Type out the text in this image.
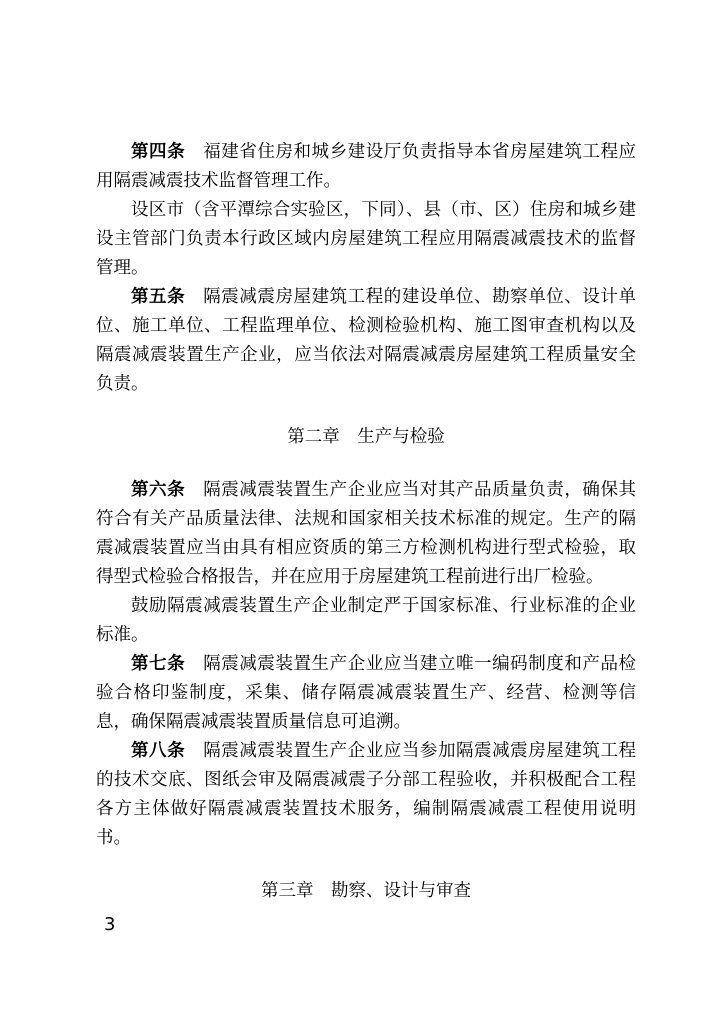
第四条 福建省住房和城乡建设厅负责指导本省房屋建筑工程应用隔震减震技术监督管理工作。

设区市（含平潭综合实验区，下同）、县（市、区）住房和城乡建设主管部门负责本行政区域内房屋建筑工程应用隔震减震技术的监督管理。

第五条 隔震减震房屋建筑工程的建设单位、勘察单位、设计单位、施工单位、工程监理单位、检测检验机构、施工图审查机构以及隔震减震装置生产企业，应当依法对隔震减震房屋建筑工程质量安全负责。

第二章 生产与检验

第六条 隔震减震装置生产企业应当对其产品质量负责，确保其符合有关产品质量法律、法规和国家相关技术标准的规定。生产的隔震减震装置应当由具有相应资质的第三方检测机构进行型式检验，取得型式检验合格报告，并在应用于房屋建筑工程前进行出厂检验。

鼓励隔震减震装置生产企业制定严于国家标准、行业标准的企业标准。

第七条 隔震减震装置生产企业应当建立唯一编码制度和产品检验合格印鉴制度，采集、储存隔震减震装置生产、经营、检测等信息，确保隔震减震装置质量信息可追溯。

第八条 隔震减震装置生产企业应当参加隔震减震房屋建筑工程的技术交底、图纸会审及隔震减震子分部工程验收，并积极配合工程各方主体做好隔震减震装置技术服务，编制隔震减震工程使用说明书。

第三章 勘察、设计与审查

3
